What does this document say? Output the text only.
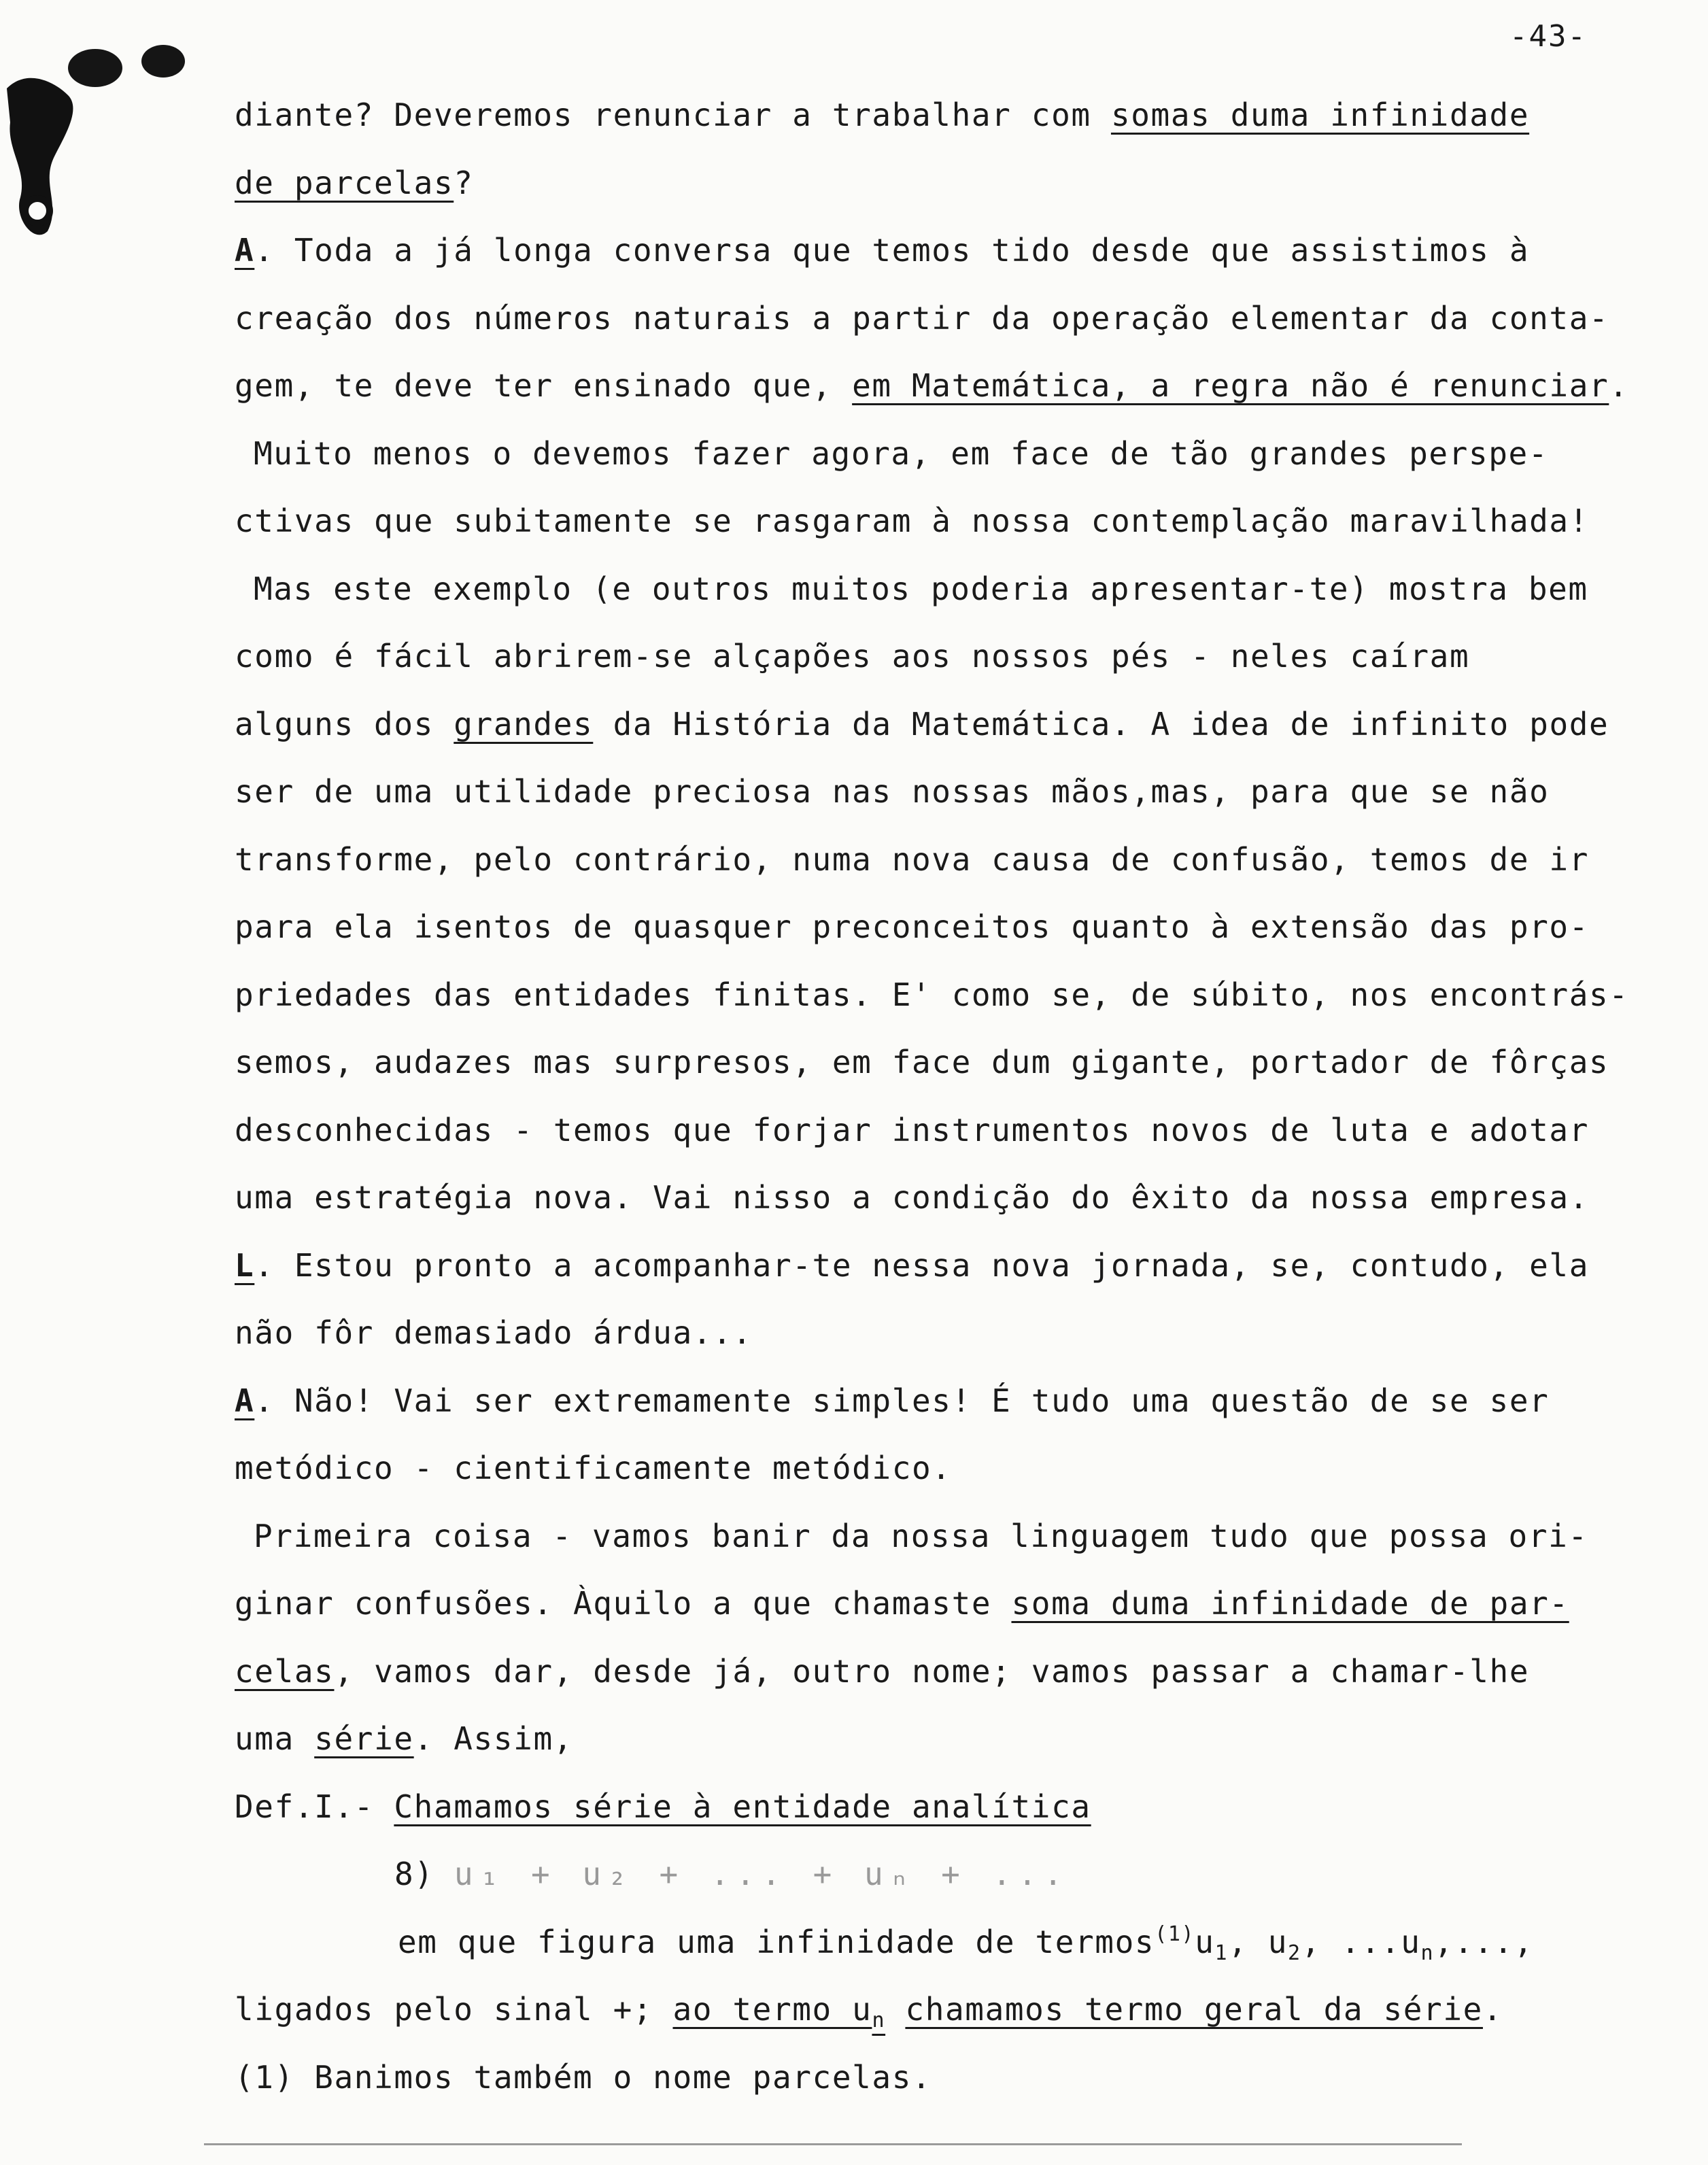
-43-
diante? Deveremos renunciar a trabalhar com somas duma infinidade
de parcelas?
A. Toda a já longa conversa que temos tido desde que assistimos à
creação dos números naturais a partir da operação elementar da conta-
gem, te deve ter ensinado que, em Matemática, a regra não é renunciar.
Muito menos o devemos fazer agora, em face de tão grandes perspe-
ctivas que subitamente se rasgaram à nossa contemplação maravilhada!
Mas este exemplo (e outros muitos poderia apresentar-te) mostra bem
como é fácil abrirem-se alçapões aos nossos pés - neles caíram
alguns dos grandes da História da Matemática. A idea de infinito pode
ser de uma utilidade preciosa nas nossas mãos,mas, para que se não
transforme, pelo contrário, numa nova causa de confusão, temos de ir
para ela isentos de quasquer preconceitos quanto à extensão das pro-
priedades das entidades finitas. E' como se, de súbito, nos encontrás-
semos, audazes mas surpresos, em face dum gigante, portador de fôrças
desconhecidas - temos que forjar instrumentos novos de luta e adotar
uma estratégia nova. Vai nisso a condição do êxito da nossa empresa.
L. Estou pronto a acompanhar-te nessa nova jornada, se, contudo, ela
não fôr demasiado árdua...
A. Não! Vai ser extremamente simples! É tudo uma questão de se ser
metódico - cientificamente metódico.
Primeira coisa - vamos banir da nossa linguagem tudo que possa ori-
ginar confusões. Àquilo a que chamaste soma duma infinidade de par-
celas, vamos dar, desde já, outro nome; vamos passar a chamar-lhe
uma série. Assim,
Def.I.- Chamamos série à entidade analítica
8) u₁ + u₂ + ... + uₙ + ...
em que figura uma infinidade de $termos^{(1)}u_1$, $u_2$, $...u_n$,...,
ligados pelo sinal +; ao termo $u_n$ chamamos termo geral da série.
(1) Banimos também o nome parcelas.
